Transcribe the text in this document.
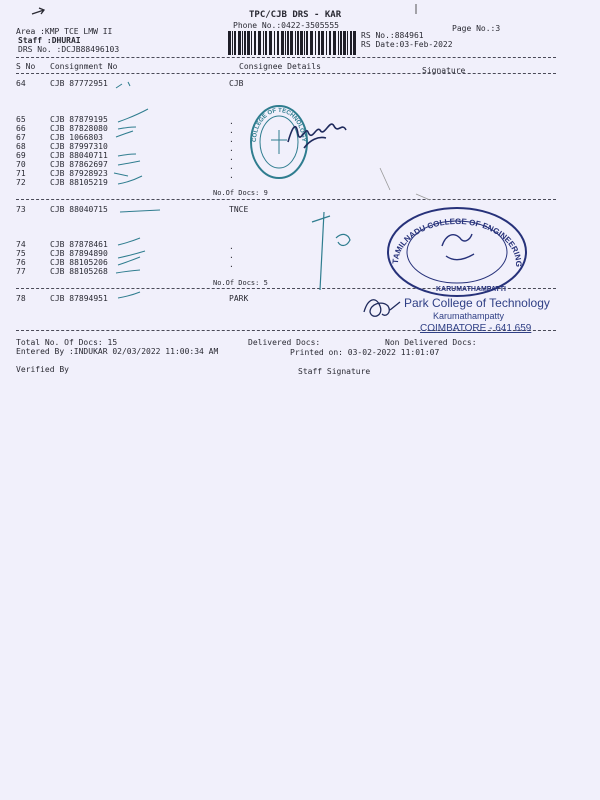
TPC/CJB DRS - KAR
Phone No.:0422-3505555	Page No.:3
Area :KMP TCE LMW II
Staff :DHURAI
DRS No. :DCJB88496103
RS No.:884961
RS Date:03-Feb-2022
S No Consignment No	Consignee Details	Signature
64	CJB 87772951	CJB
65	CJB 87879195
66	CJB 87828080
67	CJB 1066803
68	CJB 87997310
69	CJB 88040711
70	CJB 87862697
71	CJB 87928923
72	CJB 88105219
.
.
.
.
.
.
.
No.Of Docs: 9
73	CJB 88040715	TNCE
74	CJB 87878461
75	CJB 87894890
76	CJB 88105206
77	CJB 88105268
.
.
.
No.Of Docs: 5
78	CJB 87894951	PARK
Total No. Of Docs: 15	Delivered Docs:	Non Delivered Docs:
Entered By :INDUKAR 02/03/2022 11:00:34 AM	Printed on: 03-02-2022 11:01:07
Verified By	Staff Signature
COLLEGE OF TECHNOLOGY
TAMILNADU COLLEGE OF ENGINEERING
KARUMATHAMPATTI
Park College of Technology
Karumathampatty
COIMBATORE - 641 659
